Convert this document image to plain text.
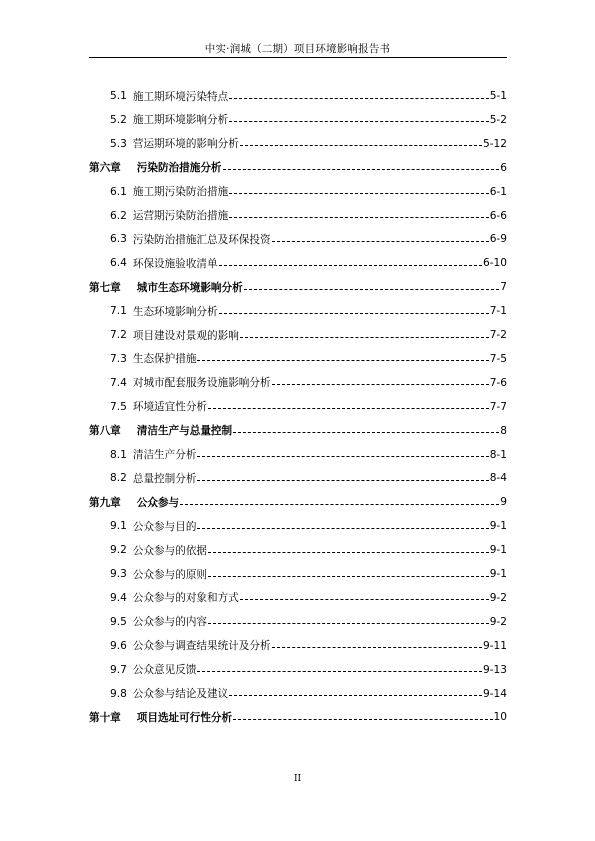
中实·润城（二期）项目环境影响报告书
5.1 施工期环境污染特点	5-1
5.2 施工期环境影响分析	5-2
5.3 营运期环境的影响分析	5-12
第六章 污染防治措施分析	6
6.1 施工期污染防治措施	6-1
6.2 运营期污染防治措施	6-6
6.3 污染防治措施汇总及环保投资	6-9
6.4 环保设施验收清单	6-10
第七章 城市生态环境影响分析	7
7.1 生态环境影响分析	7-1
7.2 项目建设对景观的影响	7-2
7.3 生态保护措施	7-5
7.4 对城市配套服务设施影响分析	7-6
7.5 环境适宜性分析	7-7
第八章 清洁生产与总量控制	8
8.1 清洁生产分析	8-1
8.2 总量控制分析	8-4
第九章 公众参与	9
9.1 公众参与目的	9-1
9.2 公众参与的依据	9-1
9.3 公众参与的原则	9-1
9.4 公众参与的对象和方式	9-2
9.5 公众参与的内容	9-2
9.6 公众参与调查结果统计及分析	9-11
9.7 公众意见反馈	9-13
9.8 公众参与结论及建议	9-14
第十章 项目选址可行性分析	10
II
